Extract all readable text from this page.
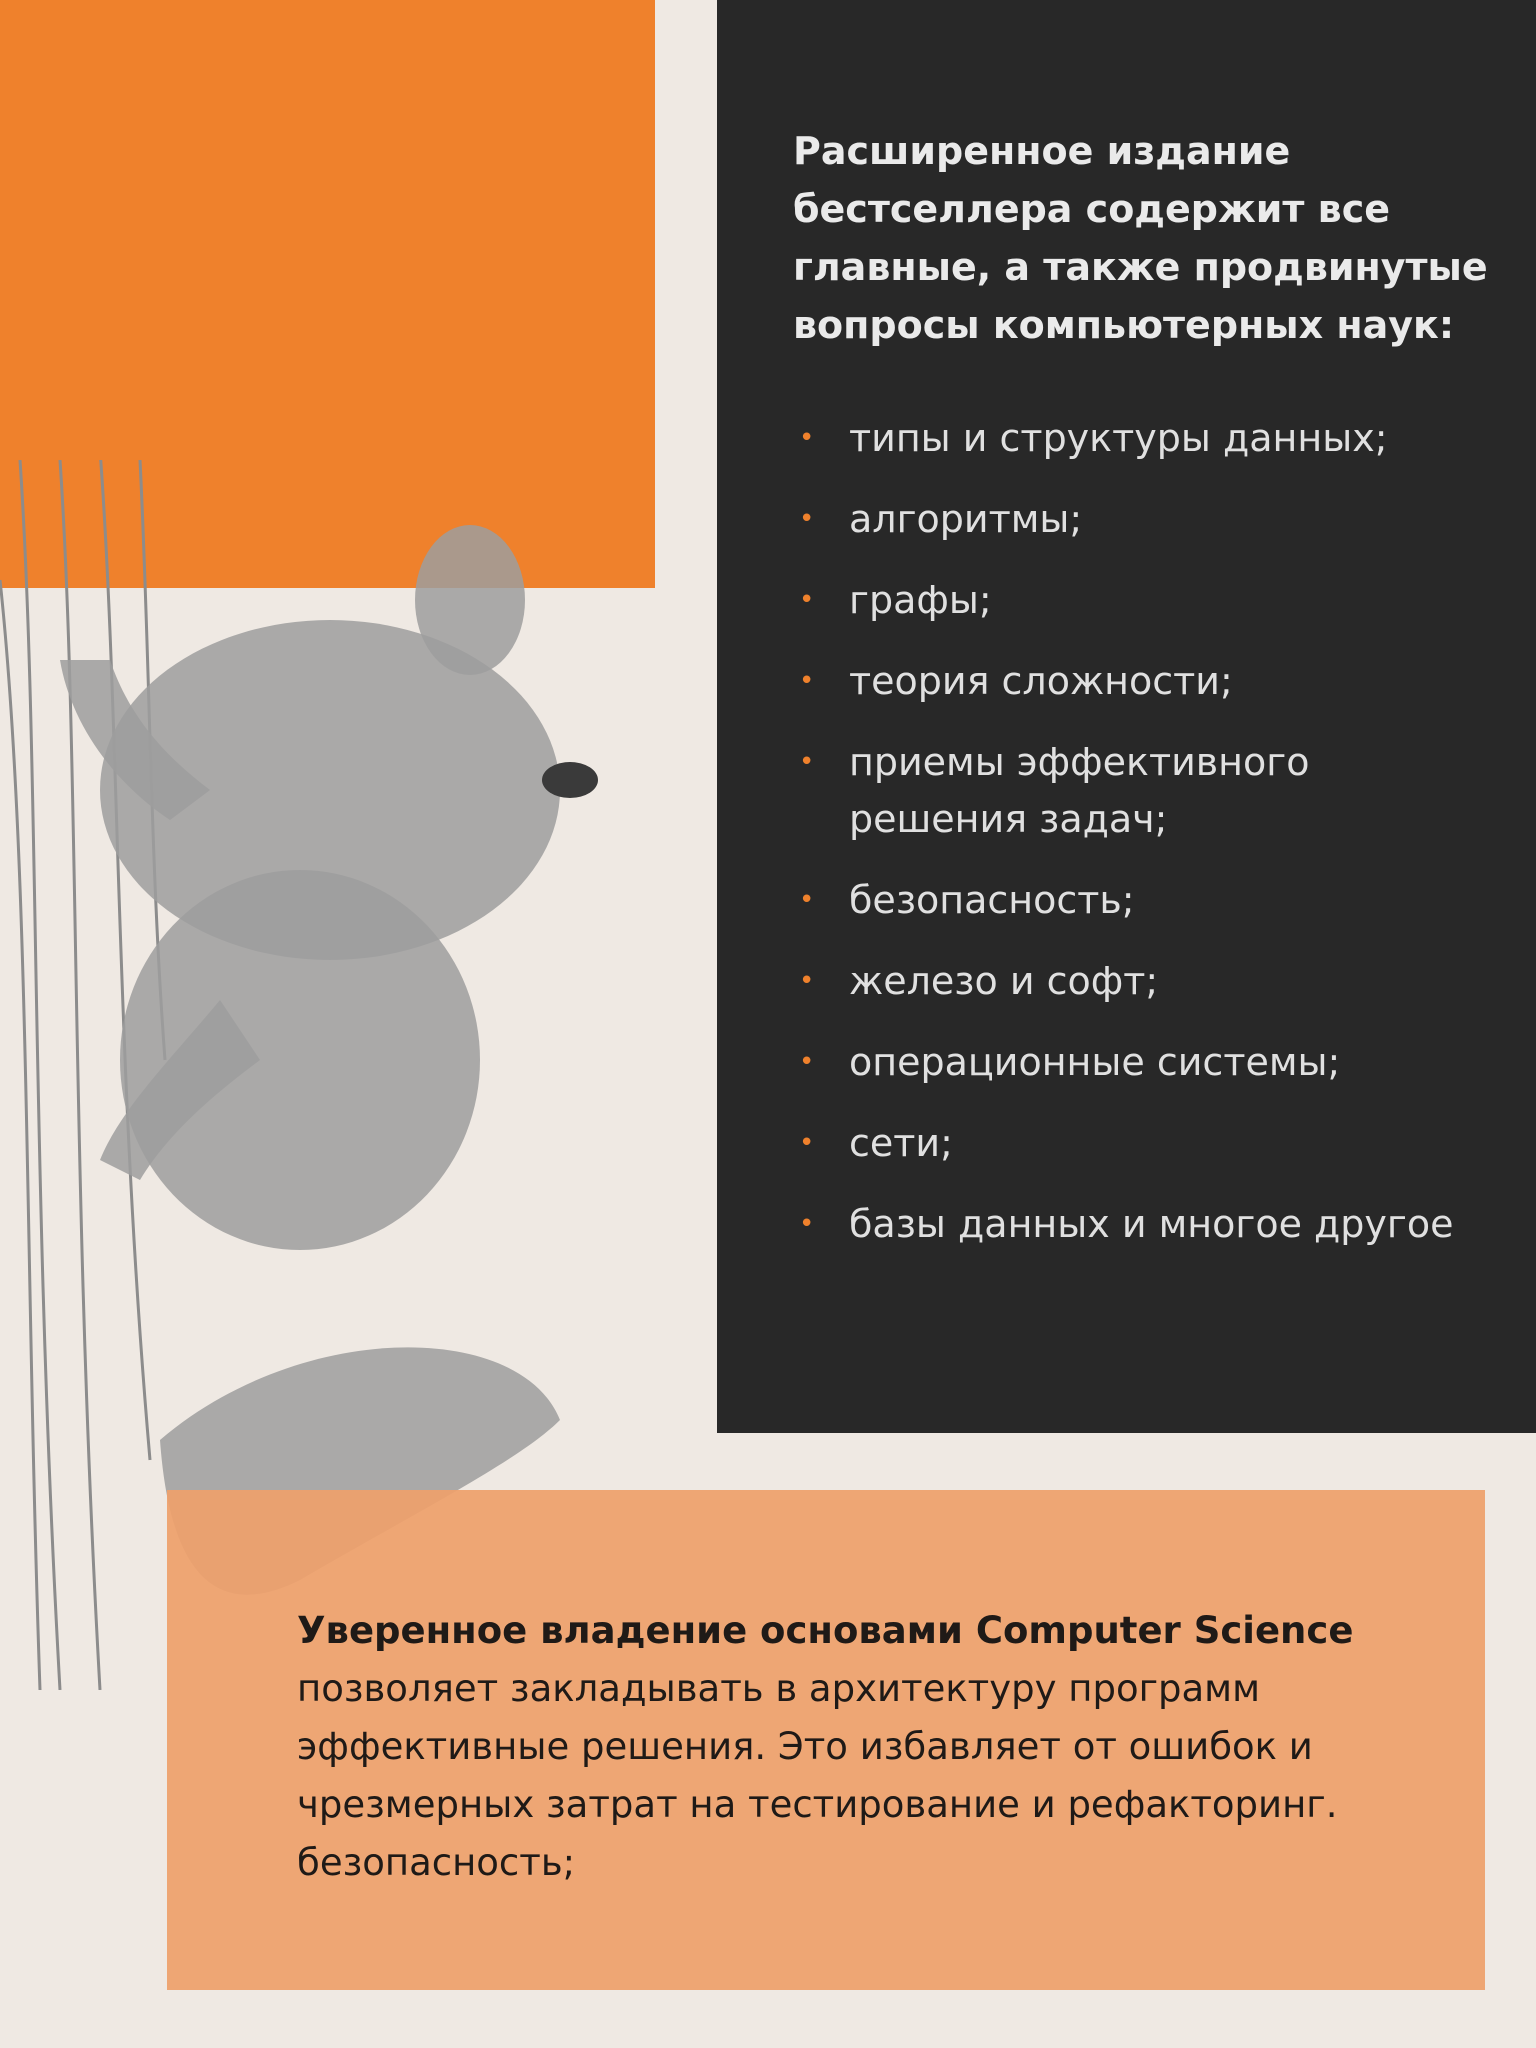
Расширенное издание бестселлера содержит все главные, а также продвинутые вопросы компьютерных наук:

• типы и структуры данных;
• алгоритмы;
• графы;
• теория сложности;
• приемы эффективного решения задач;
• безопасность;
• железо и софт;
• операционные системы;
• сети;
• базы данных и многое другое

Уверенное владение основами Computer Science позволяет закладывать в архитектуру программ эффективные решения. Это избавляет от ошибок и чрезмерных затрат на тестирование и рефакторинг. безопасность;
